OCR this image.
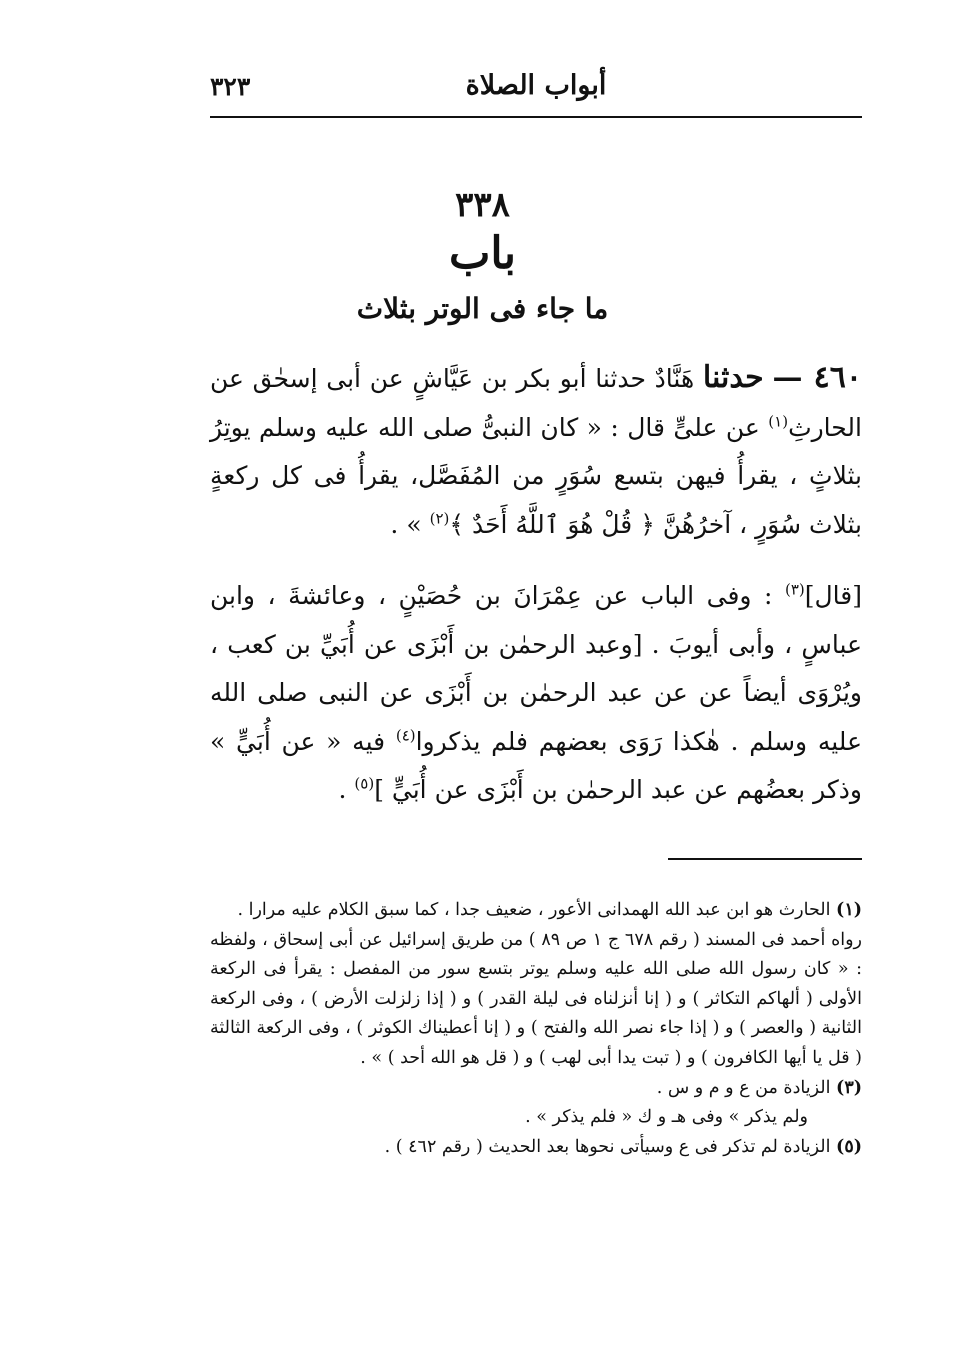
أبواب الصلاة
٣٢٣
٣٣٨
باب
ما جاء فى الوتر بثلاث
٤٦٠ — حدثنا هَنَّادٌ حدثنا أبو بكر بن عَيَّاشٍ عن أبى إسحٰق عن الحارثِ$^{(١)}$ عن علىٍّ قال : « كان النبىُّ صلى الله عليه وسلم يوتِرُ بثلاثٍ ، يقرأُ فيهن بتسع سُوَرٍ من المُفَصَّل، يقرأُ فى كل ركعةٍ بثلاث سُوَرٍ ، آخرُهُنَّ ﴿ قُلْ هُوَ ٱللَّهُ أَحَدٌ ﴾$^{(٢)}$ » .
[قال]$^{(٣)}$ : وفى الباب عن عِمْرَانَ بن حُصَيْنٍ ، وعائشةَ ، وابن عباسٍ ، وأبى أيوبَ . [وعبد الرحمٰن بن أَبْزَى عن أُبَيِّ بن كعب ، ويُرْوَى أيضاً عن عن عبد الرحمٰن بن أَبْزَى عن النبى صلى الله عليه وسلم . هٰكذا رَوَى بعضهم فلم يذكروا$^{(٤)}$ فيه « عن أُبَيٍّ » وذكر بعضُهم عن عبد الرحمٰن بن أَبْزَى عن أُبَيٍّ ]$^{(٥)}$ .
(١) الحارث هو ابن عبد الله الهمدانى الأعور ، ضعيف جدا ، كما سبق الكلام عليه مرارا .
رواه أحمد فى المسند ( رقم ٦٧٨ ج ١ ص ٨٩ ) من طريق إسرائيل عن أبى إسحاق ، ولفظه : « كان رسول الله صلى الله عليه وسلم يوتر بتسع سور من المفصل : يقرأ فى الركعة الأولى ( ألهاكم التكاثر ) و ( إنا أنزلناه فى ليلة القدر ) و ( إذا زلزلت الأرض ) ، وفى الركعة الثانية ( والعصر ) و ( إذا جاء نصر الله والفتح ) و ( إنا أعطيناك الكوثر ) ، وفى الركعة الثالثة ( قل يا أيها الكافرون ) و ( تبت يدا أبى لهب ) و ( قل هو الله أحد ) » .
(٣) الزيادة من ع و م و س .
ولم يذكر » وفى هـ و ك « فلم يذكر » .
(٥) الزيادة لم تذكر فى ع وسيأتى نحوها بعد الحديث ( رقم ٤٦٢ ) .
